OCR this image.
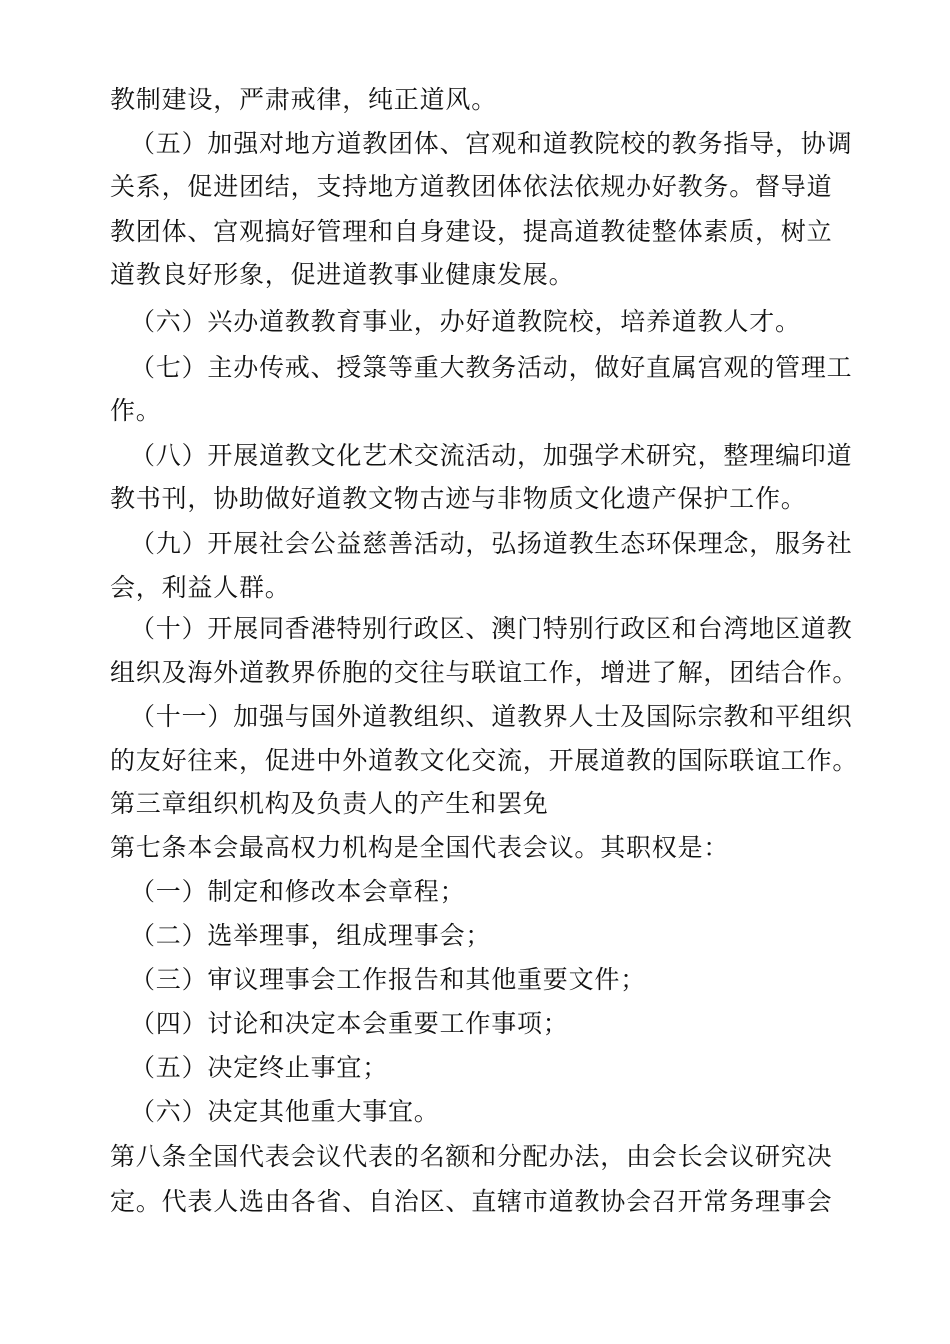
教制建设，严肃戒律，纯正道风。
（五）加强对地方道教团体、宫观和道教院校的教务指导，协调
关系，促进团结，支持地方道教团体依法依规办好教务。督导道
教团体、宫观搞好管理和自身建设，提高道教徒整体素质，树立
道教良好形象，促进道教事业健康发展。
（六）兴办道教教育事业，办好道教院校，培养道教人才。
（七）主办传戒、授箓等重大教务活动，做好直属宫观的管理工
作。
（八）开展道教文化艺术交流活动，加强学术研究，整理编印道
教书刊，协助做好道教文物古迹与非物质文化遗产保护工作。
（九）开展社会公益慈善活动，弘扬道教生态环保理念，服务社
会，利益人群。
（十）开展同香港特别行政区、澳门特别行政区和台湾地区道教
组织及海外道教界侨胞的交往与联谊工作，增进了解，团结合作。
（十一）加强与国外道教组织、道教界人士及国际宗教和平组织
的友好往来，促进中外道教文化交流，开展道教的国际联谊工作。
第三章组织机构及负责人的产生和罢免
第七条本会最高权力机构是全国代表会议。其职权是：
（一）制定和修改本会章程；
（二）选举理事，组成理事会；
（三）审议理事会工作报告和其他重要文件；
（四）讨论和决定本会重要工作事项；
（五）决定终止事宜；
（六）决定其他重大事宜。
第八条全国代表会议代表的名额和分配办法，由会长会议研究决
定。代表人选由各省、自治区、直辖市道教协会召开常务理事会
